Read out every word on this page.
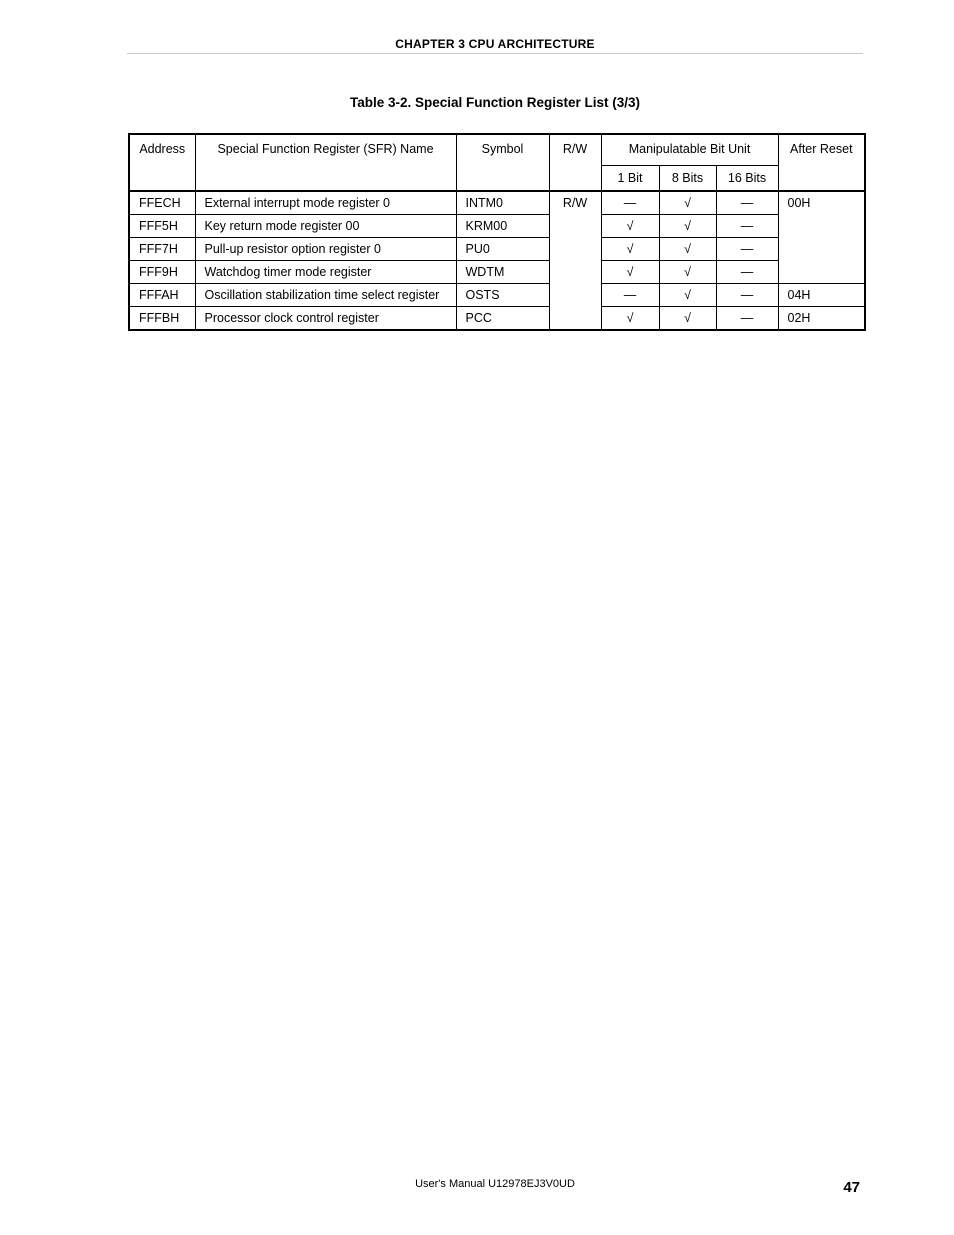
CHAPTER 3 CPU ARCHITECTURE
Table 3-2. Special Function Register List (3/3)
Address	Special Function Register (SFR) Name	Symbol	R/W	Manipulatable Bit Unit			After Reset
				1 Bit	8 Bits	16 Bits	
FFECH	External interrupt mode register 0	INTM0	R/W	—	√	—	00H
FFF5H	Key return mode register 00	KRM00		√	√	—	
FFF7H	Pull-up resistor option register 0	PU0		√	√	—	
FFF9H	Watchdog timer mode register	WDTM		√	√	—	
FFFAH	Oscillation stabilization time select register	OSTS		—	√	—	04H
FFFBH	Processor clock control register	PCC		√	√	—	02H
User's Manual U12978EJ3V0UD	47
